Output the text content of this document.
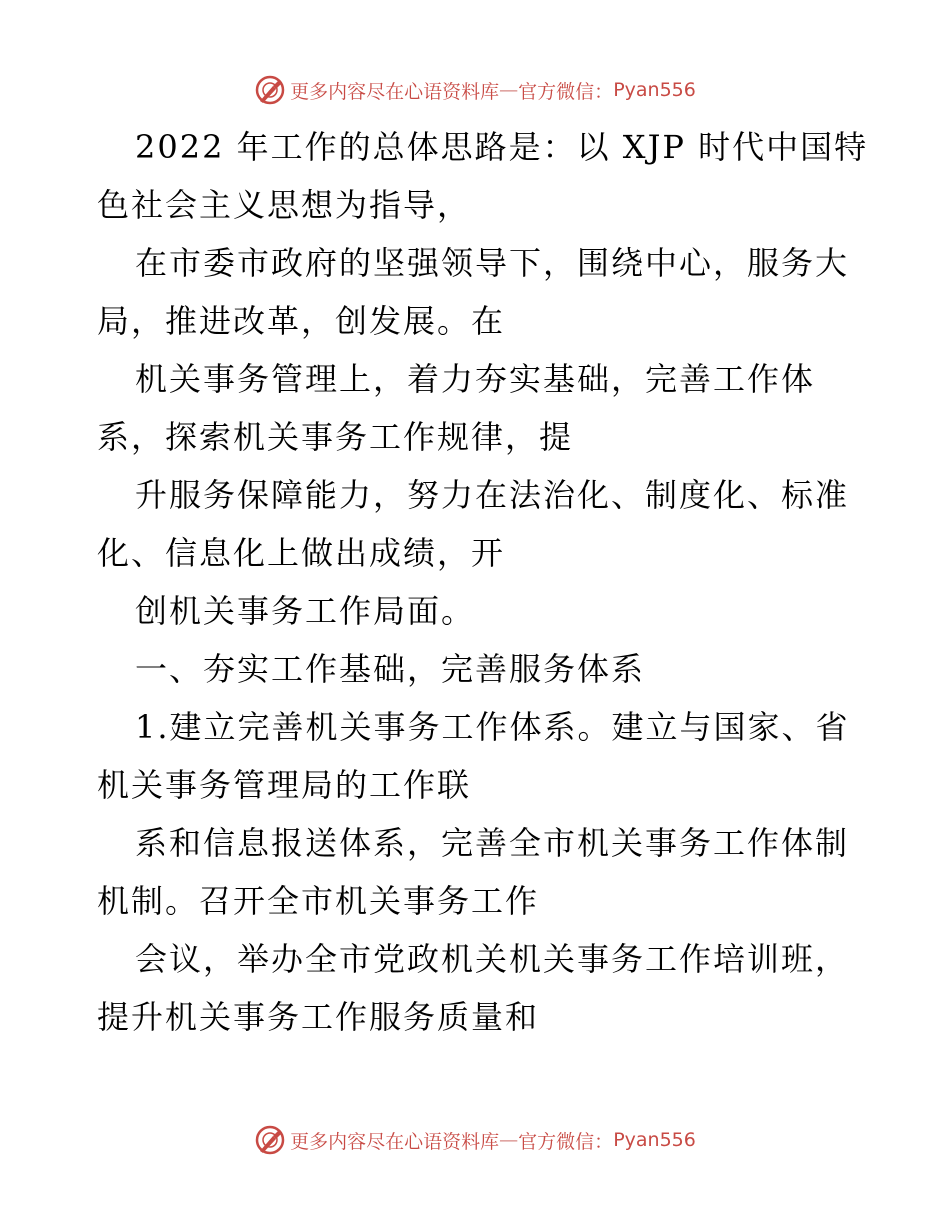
更多内容尽在心语资料库 — 官方微信： Pyan556
2022 年工作的总体思路是：以 XJP 时代中国特
色社会主义思想为指导，
在市委市政府的坚强领导下，围绕中心，服务大
局，推进改革，创发展。在
机关事务管理上，着力夯实基础，完善工作体
系，探索机关事务工作规律，提
升服务保障能力，努力在法治化、制度化、标准
化、信息化上做出成绩，开
创机关事务工作局面。
一、夯实工作基础，完善服务体系
1.建立完善机关事务工作体系。建立与国家、省
机关事务管理局的工作联
系和信息报送体系，完善全市机关事务工作体制
机制。召开全市机关事务工作
会议，举办全市党政机关机关事务工作培训班，
提升机关事务工作服务质量和
更多内容尽在心语资料库 — 官方微信： Pyan556
